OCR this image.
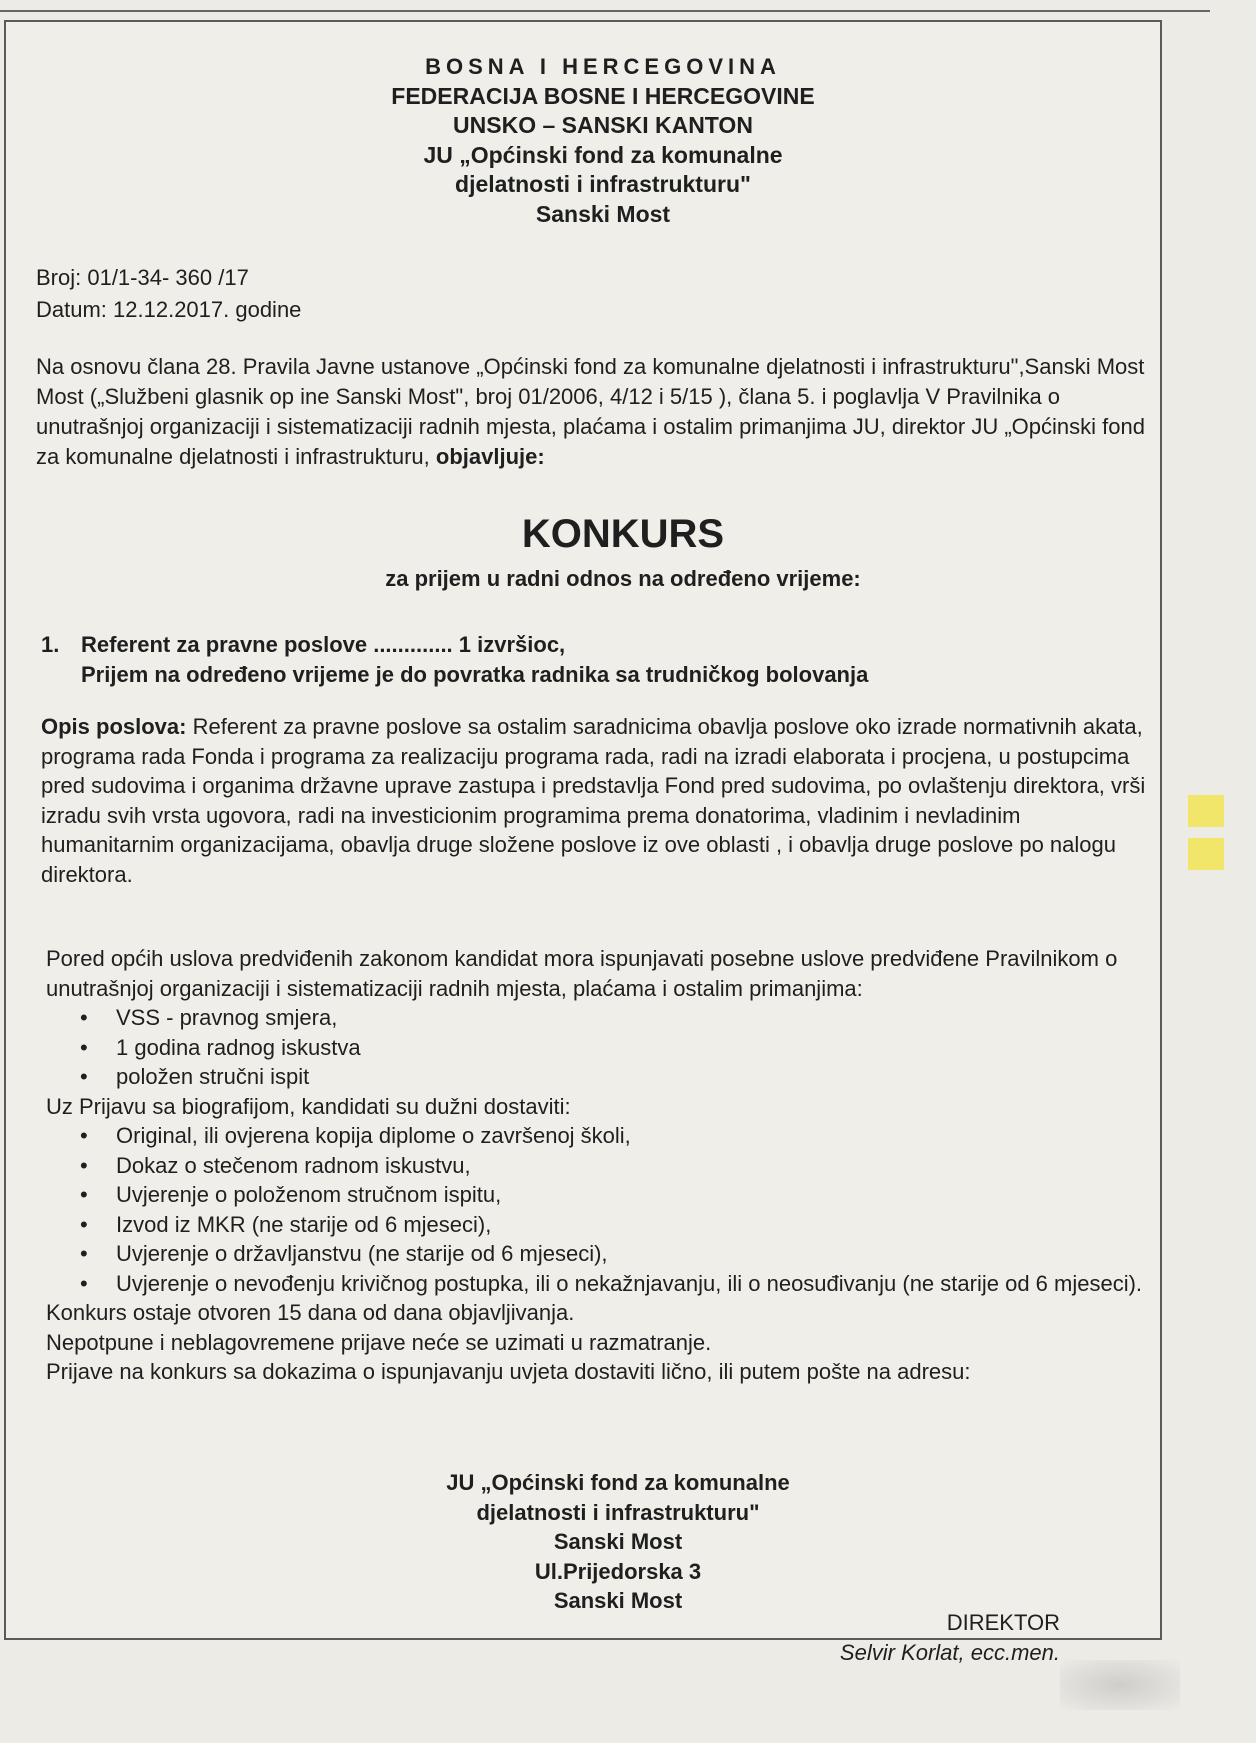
BOSNA I HERCEGOVINA
FEDERACIJA BOSNE I HERCEGOVINE
UNSKO – SANSKI KANTON
JU „Općinski fond za komunalne
djelatnosti i infrastrukturu"
Sanski Most
Broj: 01/1-34- 360 /17
Datum: 12.12.2017. godine
Na osnovu člana 28. Pravila Javne ustanove „Općinski fond za komunalne djelatnosti i infrastrukturu",Sanski Most Most („Službeni glasnik op ine Sanski Most", broj 01/2006, 4/12 i 5/15 ), člana 5. i poglavlja V Pravilnika o unutrašnjoj organizaciji i sistematizaciji radnih mjesta, plaćama i ostalim primanjima JU, direktor JU „Općinski fond za komunalne djelatnosti i infrastrukturu, objavljuje:
KONKURS
za prijem u radni odnos na određeno vrijeme:
1. Referent za pravne poslove ............. 1 izvršioc,
Prijem na određeno vrijeme je do povratka radnika sa trudničkog bolovanja
Opis poslova: Referent za pravne poslove sa ostalim saradnicima obavlja poslove oko izrade normativnih akata, programa rada Fonda i programa za realizaciju programa rada, radi na izradi elaborata i procjena, u postupcima pred sudovima i organima državne uprave zastupa i predstavlja Fond pred sudovima, po ovlaštenju direktora, vrši izradu svih vrsta ugovora, radi na investicionim programima prema donatorima, vladinim i nevladinim humanitarnim organizacijama, obavlja druge složene poslove iz ove oblasti , i obavlja druge poslove po nalogu direktora.
Pored općih uslova predviđenih zakonom kandidat mora ispunjavati posebne uslove predviđene Pravilnikom o unutrašnjoj organizaciji i sistematizaciji radnih mjesta, plaćama i ostalim primanjima:
• VSS - pravnog smjera,
• 1 godina radnog iskustva
• položen stručni ispit
Uz Prijavu sa biografijom, kandidati su dužni dostaviti:
• Original, ili ovjerena kopija diplome o završenoj školi,
• Dokaz o stečenom radnom iskustvu,
• Uvjerenje o položenom stručnom ispitu,
• Izvod iz MKR (ne starije od 6 mjeseci),
• Uvjerenje o državljanstvu (ne starije od 6 mjeseci),
• Uvjerenje o nevođenju krivičnog postupka, ili o nekažnjavanju, ili o neosuđivanju (ne starije od 6 mjeseci).
Konkurs ostaje otvoren 15 dana od dana objavljivanja.
Nepotpune i neblagovremene prijave neće se uzimati u razmatranje.
Prijave na konkurs sa dokazima o ispunjavanju uvjeta dostaviti lično, ili putem pošte na adresu:
JU „Općinski fond za komunalne
djelatnosti i infrastrukturu"
Sanski Most
Ul.Prijedorska 3
Sanski Most
DIREKTOR
Selvir Korlat, ecc.men.
